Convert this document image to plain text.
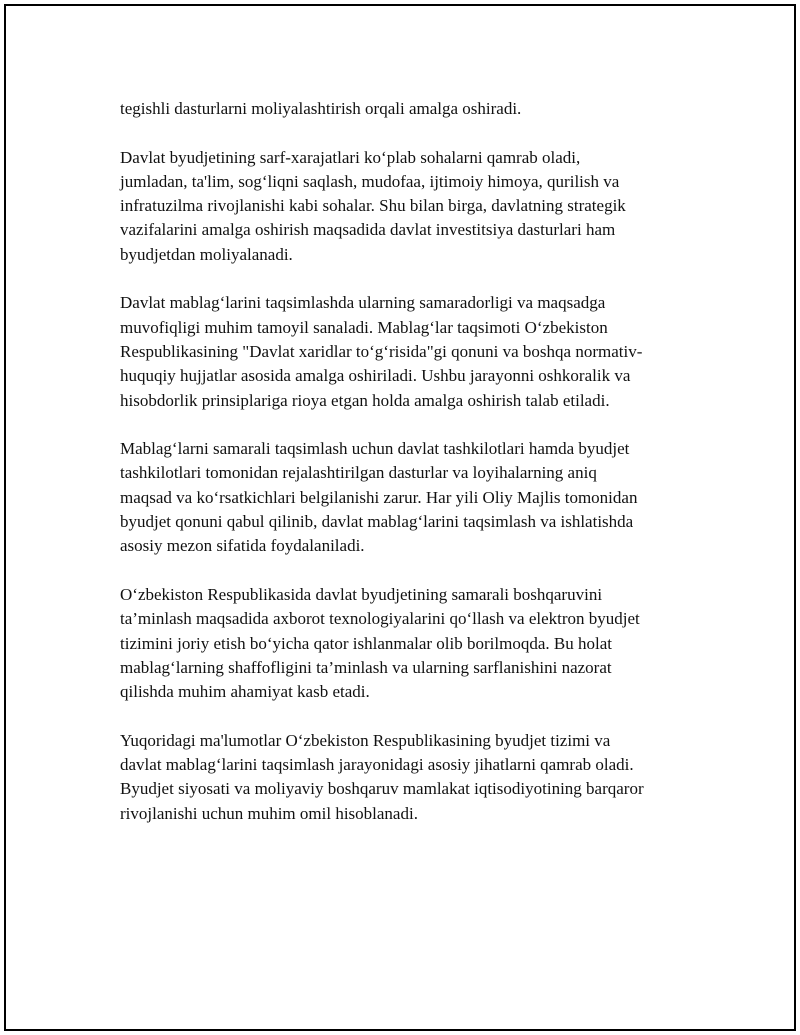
tegishli dasturlarni moliyalashtirish orqali amalga oshiradi.

Davlat byudjetining sarf-xarajatlari ko‘plab sohalarni qamrab oladi,
jumladan, ta'lim, sog‘liqni saqlash, mudofaa, ijtimoiy himoya, qurilish va
infratuzilma rivojlanishi kabi sohalar. Shu bilan birga, davlatning strategik
vazifalarini amalga oshirish maqsadida davlat investitsiya dasturlari ham
byudjetdan moliyalanadi.

Davlat mablag‘larini taqsimlashda ularning samaradorligi va maqsadga
muvofiqligi muhim tamoyil sanaladi. Mablag‘lar taqsimoti O‘zbekiston
Respublikasining "Davlat xaridlar to‘g‘risida"gi qonuni va boshqa normativ-
huquqiy hujjatlar asosida amalga oshiriladi. Ushbu jarayonni oshkoralik va
hisobdorlik prinsiplariga rioya etgan holda amalga oshirish talab etiladi.

Mablag‘larni samarali taqsimlash uchun davlat tashkilotlari hamda byudjet
tashkilotlari tomonidan rejalashtirilgan dasturlar va loyihalarning aniq
maqsad va ko‘rsatkichlari belgilanishi zarur. Har yili Oliy Majlis tomonidan
byudjet qonuni qabul qilinib, davlat mablag‘larini taqsimlash va ishlatishda
asosiy mezon sifatida foydalaniladi.

O‘zbekiston Respublikasida davlat byudjetining samarali boshqaruvini
ta’minlash maqsadida axborot texnologiyalarini qo‘llash va elektron byudjet
tizimini joriy etish bo‘yicha qator ishlanmalar olib borilmoqda. Bu holat
mablag‘larning shaffofligini ta’minlash va ularning sarflanishini nazorat
qilishda muhim ahamiyat kasb etadi.

Yuqoridagi ma'lumotlar O‘zbekiston Respublikasining byudjet tizimi va
davlat mablag‘larini taqsimlash jarayonidagi asosiy jihatlarni qamrab oladi.
Byudjet siyosati va moliyaviy boshqaruv mamlakat iqtisodiyotining barqaror
rivojlanishi uchun muhim omil hisoblanadi.
